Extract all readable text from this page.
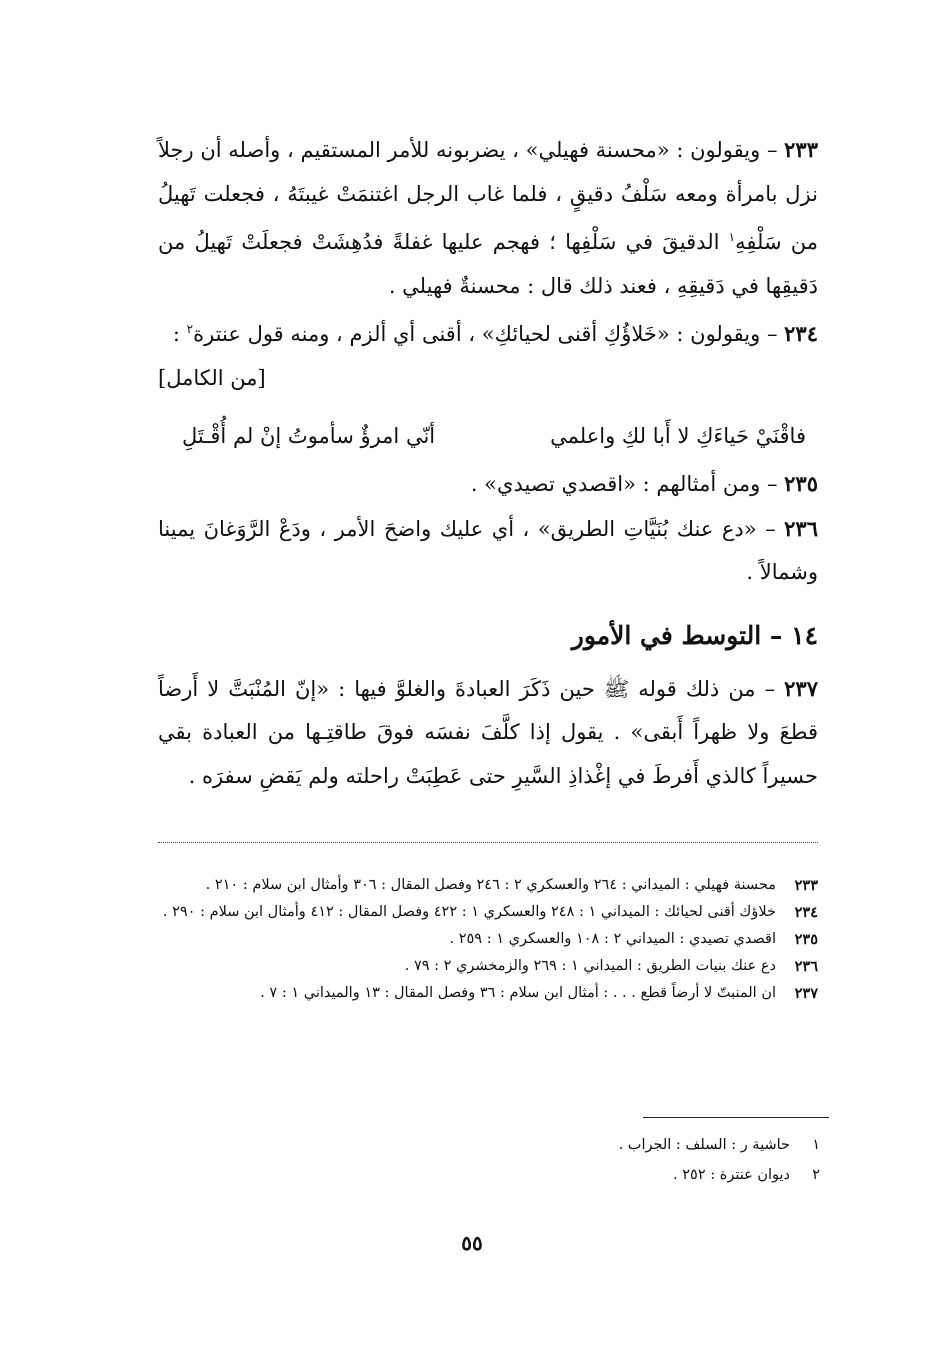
٢٣٣ – ويقولون : «محسنة فهيلي» ، يضربونه للأمر المستقيم ، وأصله أن رجلاً نزل بامرأة ومعه سَلْفُ دقيقٍ ، فلما غاب الرجل اغتنمَتْ غيبتَهُ ، فجعلت تَهيلُ من سَلْفِهِ$^١$ الدقيقَ في سَلْفِها ؛ فهجم عليها غفلةً فدُهِشَتْ فجعلَتْ تَهيلُ من دَقيقِها في دَقيقِهِ ، فعند ذلك قال : محسنةٌ فهيلي .

٢٣٤ – ويقولون : «خَلاؤُكِ أقنى لحيائكِ» ، أقنى أي ألزم ، ومنه قول عنترة$^٢$ :

[من الكامل]
فاقْنَيْ حَياءَكِ لا أَبا لكِ واعلمي
أنّي امرؤٌ سأموتُ إنْ لم أُقْـتَلِ

٢٣٥ – ومن أمثالهم : «اقصدي تصيدي» .

٢٣٦ – «دع عنك بُنَيَّاتِ الطريق» ، أي عليك واضحَ الأمر ، ودَعْ الرَّوَغانَ يمينا وشمالاً .

١٤ – التوسط في الأمور

٢٣٧ – من ذلك قوله ﷺ حين ذَكَرَ العبادةَ والغلوَّ فيها : «إنّ المُنْبَتَّ لا أَرضاً قطعَ ولا ظهراً أَبقى» . يقول إذا كلَّفَ نفسَه فوقَ طاقتِـها من العبادة بقي حسيراً كالذي أَفرطَ في إغْذاذِ السَّيرِ حتى عَطِبَتْ راحلته ولم يَقضِ سفرَه .

٢٣٣
محسنة فهيلي : الميداني : ٢٦٤ والعسكري ٢ : ٢٤٦ وفصل المقال : ٣٠٦ وأمثال ابن سلام : ٢١٠ .
٢٣٤
خلاؤك أقنى لحيائك : الميداني ١ : ٢٤٨ والعسكري ١ : ٤٢٢ وفصل المقال : ٤١٢ وأمثال ابن سلام : ٢٩٠ .
٢٣٥
اقصدي تصيدي : الميداني ٢ : ١٠٨ والعسكري ١ : ٢٥٩ .
٢٣٦
دع عنك بنيات الطريق : الميداني ١ : ٢٦٩ والزمخشري ٢ : ٧٩ .
٢٣٧
ان المنبتّ لا أرضاً قطع . . . : أمثال ابن سلام : ٣٦ وفصل المقال : ١٣ والميداني ١ : ٧ .
١
حاشية ر : السلف : الجراب .
٢
ديوان عنترة : ٢٥٢ .
٥٥
